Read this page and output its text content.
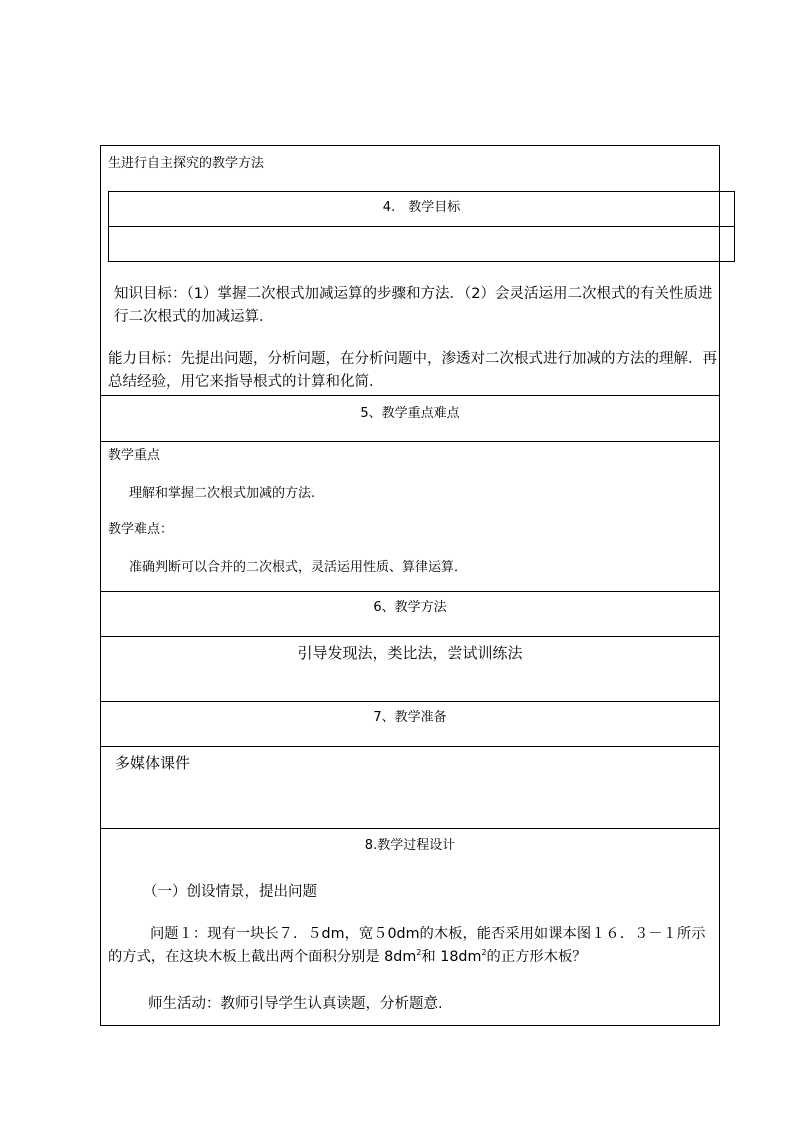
生进行自主探究的教学方法
4.　教学目标
知识目标：（1）掌握二次根式加减运算的步骤和方法．（2）会灵活运用二次根式的有关性质进行二次根式的加减运算．
能力目标：先提出问题，分析问题，在分析问题中，渗透对二次根式进行加减的方法的理解．再总结经验，用它来指导根式的计算和化简．
5、教学重点难点
教学重点
理解和掌握二次根式加减的方法.
教学难点：
准确判断可以合并的二次根式，灵活运用性质、算律运算．
6、教学方法
引导发现法，类比法，尝试训练法
7、教学准备
多媒体课件
8.教学过程设计
（一）创设情景，提出问题
问题１：现有一块长７．５dm，宽５0dm的木板，能否采用如课本图１６．３－１所示的方式，在这块木板上截出两个面积分别是 $8dm^2$和 $18dm^2$的正方形木板？
师生活动：教师引导学生认真读题，分析题意.
